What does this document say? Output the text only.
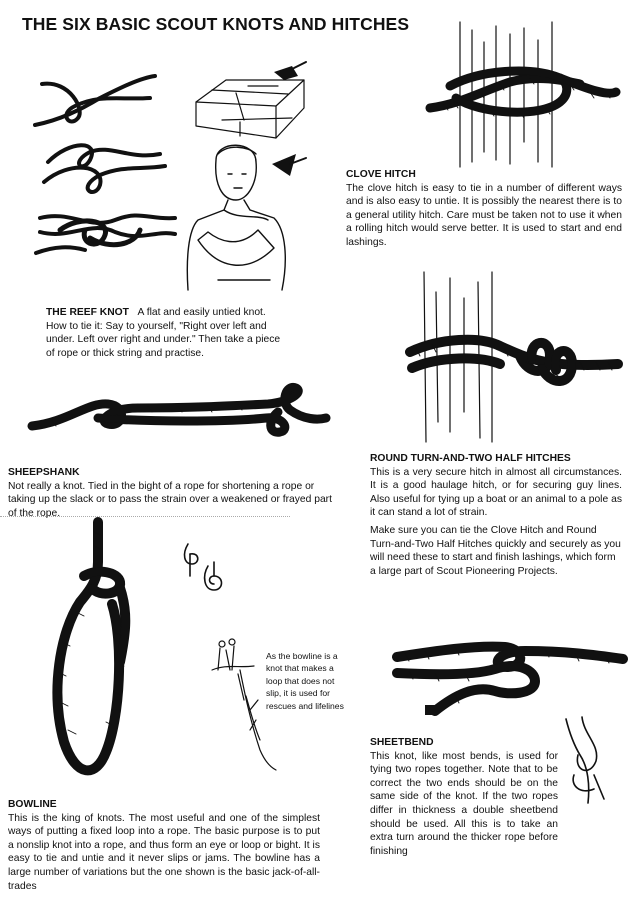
THE SIX BASIC SCOUT KNOTS AND HITCHES
CLOVE HITCH
The clove hitch is easy to tie in a number of different ways and is also easy to untie. It is possibly the nearest there is to a general utility hitch. Care must be taken not to use it when a rolling hitch would serve better. It is used to start and end lashings.
THE REEF KNOT A flat and easily untied knot. How to tie it: Say to yourself, "Right over left and under. Left over right and under." Then take a piece of rope or thick string and practise.
SHEEPSHANK
Not really a knot. Tied in the bight of a rope for shortening a rope or taking up the slack or to pass the strain over a weakened or frayed part of the rope.
ROUND TURN-AND-TWO HALF HITCHES
This is a very secure hitch in almost all circumstances. It is a good haulage hitch, or for securing guy lines. Also useful for tying up a boat or an animal to a pole as it can stand a lot of strain.
Make sure you can tie the Clove Hitch and Round Turn-and-Two Half Hitches quickly and securely as you will need these to start and finish lashings, which form a large part of Scout Pioneering Projects.
As the bowline is a knot that makes a loop that does not slip, it is used for rescues and lifelines
SHEETBEND
This knot, like most bends, is used for tying two ropes together. Note that to be correct the two ends should be on the same side of the knot. If the two ropes differ in thickness a double sheetbend should be used. All this is to take an extra turn around the thicker rope before finishing
BOWLINE
This is the king of knots. The most useful and one of the simplest ways of putting a fixed loop into a rope. The basic purpose is to put a nonslip knot into a rope, and thus form an eye or loop or bight. It is easy to tie and untie and it never slips or jams. The bowline has a large number of variations but the one shown is the basic jack-of-all-trades
